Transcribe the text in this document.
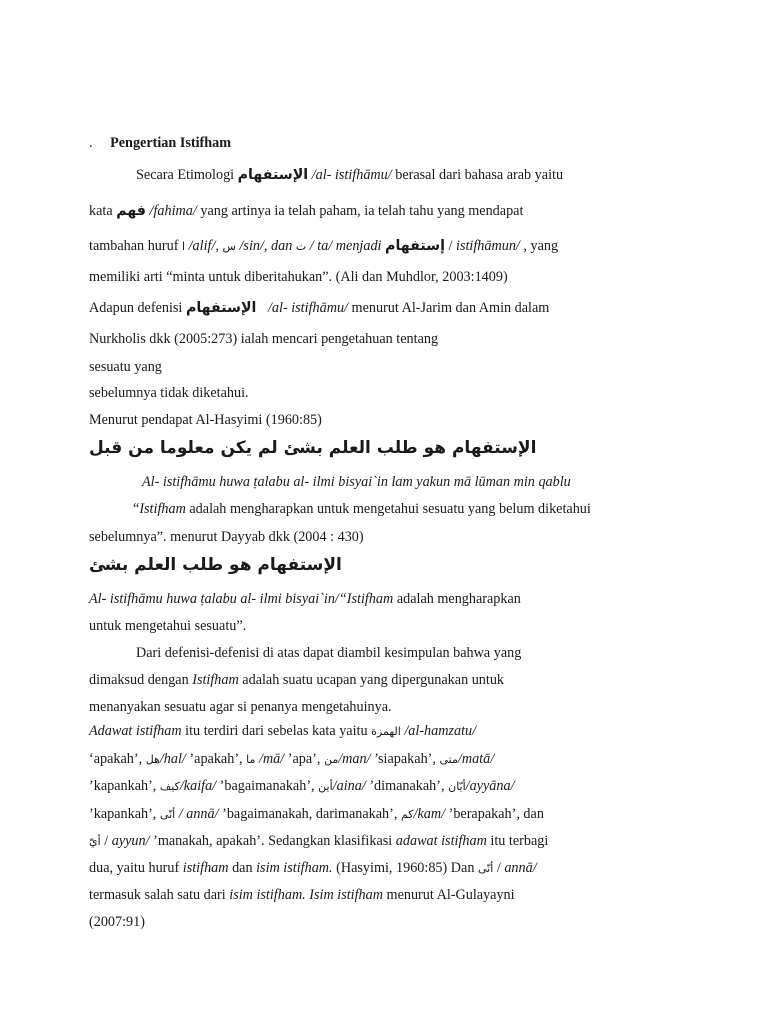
. Pengertian Istifham
Secara Etimologi الإستفهام /al- istifhāmu/ berasal dari bahasa arab yaitu
kata فهم /fahima/ yang artinya ia telah paham, ia telah tahu yang mendapat
tambahan huruf ا /alif/, س /sin/, dan ت / ta/ menjadi إستفهام / istifhāmun/ , yang
memiliki arti “minta untuk diberitahukan”. (Ali dan Muhdlor, 2003:1409)
Adapun defenisi الإستفهام /al- istifhāmu/ menurut Al-Jarim dan Amin dalam
Nurkholis dkk (2005:273) ialah mencari pengetahuan tentang
sesuatu yang
sebelumnya tidak diketahui.
Menurut pendapat Al-Hasyimi (1960:85)
الإستفهام هو طلب العلم بشئ لم يكن معلوما من قبل
Al- istifhāmu huwa ṭalabu al- ilmi bisyai`in lam yakun mā lūman min qablu
“Istifham adalah mengharapkan untuk mengetahui sesuatu yang belum diketahui
sebelumnya”. menurut Dayyab dkk (2004 : 430)
الإستفهام هو طلب العلم بشئ
Al- istifhāmu huwa ṭalabu al- ilmi bisyai`in/“Istifham adalah mengharapkan
untuk mengetahui sesuatu”.
Dari defenisi-defenisi di atas dapat diambil kesimpulan bahwa yang
dimaksud dengan Istifham adalah suatu ucapan yang dipergunakan untuk
menanyakan sesuatu agar si penanya mengetahuinya.
Adawat istifham itu terdiri dari sebelas kata yaitu الهمزة /al-hamzatu/
‘apakah’, هل/hal/ ’apakah’, ما /mā/ ’apa’, من/man/ ’siapakah’, متى/matā/
’kapankah’, كيف/kaifa/ ’bagaimanakah’, أين/aina/ ’dimanakah’, أيّان/ayyāna/
’kapankah’, أنّى / annā/ ’bagaimanakah, darimanakah’, كم/kam/ ’berapakah’, dan
أيّ / ayyun/ ’manakah, apakah’. Sedangkan klasifikasi adawat istifham itu terbagi
dua, yaitu huruf istifham dan isim istifham. (Hasyimi, 1960:85) Dan أنّى / annā/
termasuk salah satu dari isim istifham. Isim istifham menurut Al-Gulayayni
(2007:91)
